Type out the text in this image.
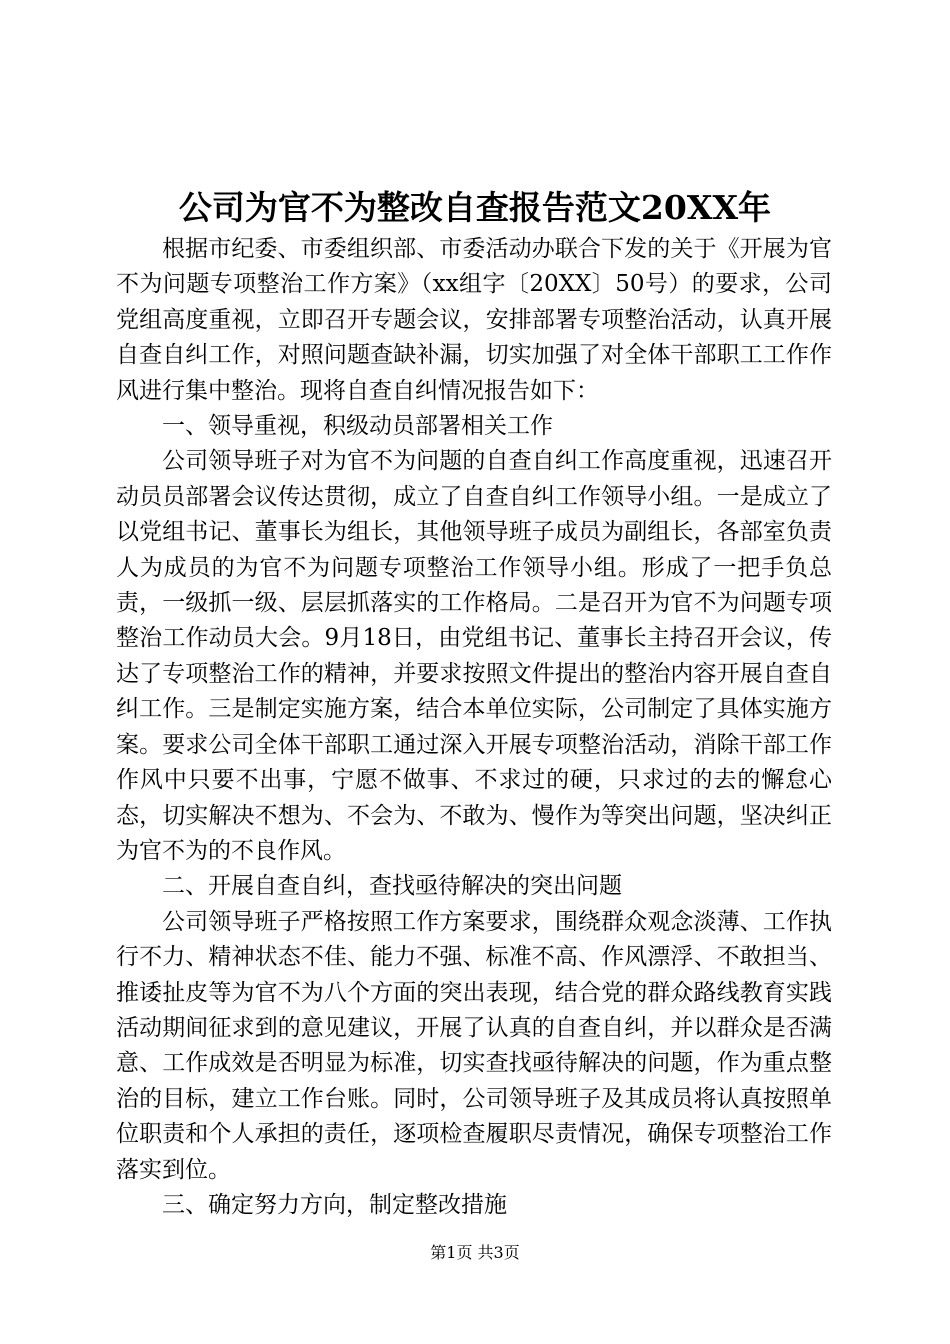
公司为官不为整改自查报告范文20XX年

根据市纪委、市委组织部、市委活动办联合下发的关于《开展为官不为问题专项整治工作方案》（xx组字〔20XX〕50号）的要求，公司党组高度重视，立即召开专题会议，安排部署专项整治活动，认真开展自查自纠工作，对照问题查缺补漏，切实加强了对全体干部职工工作作风进行集中整治。现将自查自纠情况报告如下：

一、领导重视，积级动员部署相关工作

公司领导班子对为官不为问题的自查自纠工作高度重视，迅速召开动员员部署会议传达贯彻，成立了自查自纠工作领导小组。一是成立了以党组书记、董事长为组长，其他领导班子成员为副组长，各部室负责人为成员的为官不为问题专项整治工作领导小组。形成了一把手负总责，一级抓一级、层层抓落实的工作格局。二是召开为官不为问题专项整治工作动员大会。9月18日，由党组书记、董事长主持召开会议，传达了专项整治工作的精神，并要求按照文件提出的整治内容开展自查自纠工作。三是制定实施方案，结合本单位实际，公司制定了具体实施方案。要求公司全体干部职工通过深入开展专项整治活动，消除干部工作作风中只要不出事，宁愿不做事、不求过的硬，只求过的去的懈怠心态，切实解决不想为、不会为、不敢为、慢作为等突出问题，坚决纠正为官不为的不良作风。

二、开展自查自纠，查找亟待解决的突出问题

公司领导班子严格按照工作方案要求，围绕群众观念淡薄、工作执行不力、精神状态不佳、能力不强、标准不高、作风漂浮、不敢担当、推诿扯皮等为官不为八个方面的突出表现，结合党的群众路线教育实践活动期间征求到的意见建议，开展了认真的自查自纠，并以群众是否满意、工作成效是否明显为标准，切实查找亟待解决的问题，作为重点整治的目标，建立工作台账。同时，公司领导班子及其成员将认真按照单位职责和个人承担的责任，逐项检查履职尽责情况，确保专项整治工作落实到位。

三、确定努力方向，制定整改措施

第1页 共3页
